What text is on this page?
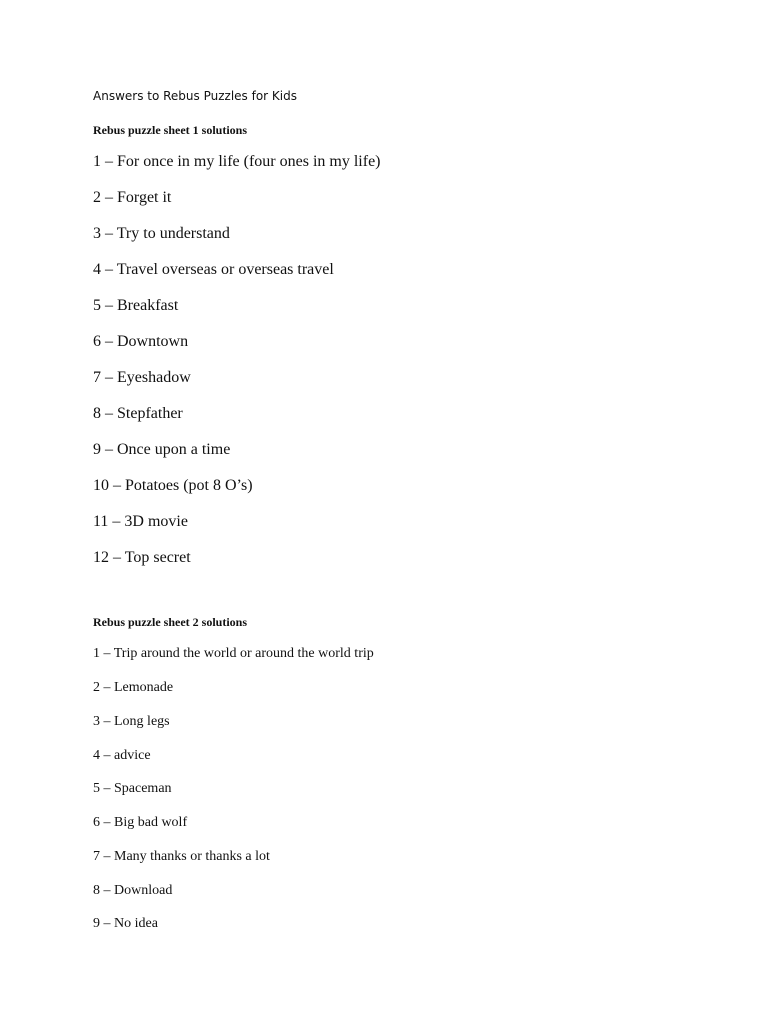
Answers to Rebus Puzzles for Kids
Rebus puzzle sheet 1 solutions
1 – For once in my life (four ones in my life)
2 – Forget it
3 – Try to understand
4 – Travel overseas or overseas travel
5 – Breakfast
6 – Downtown
7 – Eyeshadow
8 – Stepfather
9 – Once upon a time
10 – Potatoes (pot 8 O’s)
11 – 3D movie
12 – Top secret
Rebus puzzle sheet 2 solutions
1 – Trip around the world or around the world trip
2 – Lemonade
3 – Long legs
4 – advice
5 – Spaceman
6 – Big bad wolf
7 – Many thanks or thanks a lot
8 – Download
9 – No idea
